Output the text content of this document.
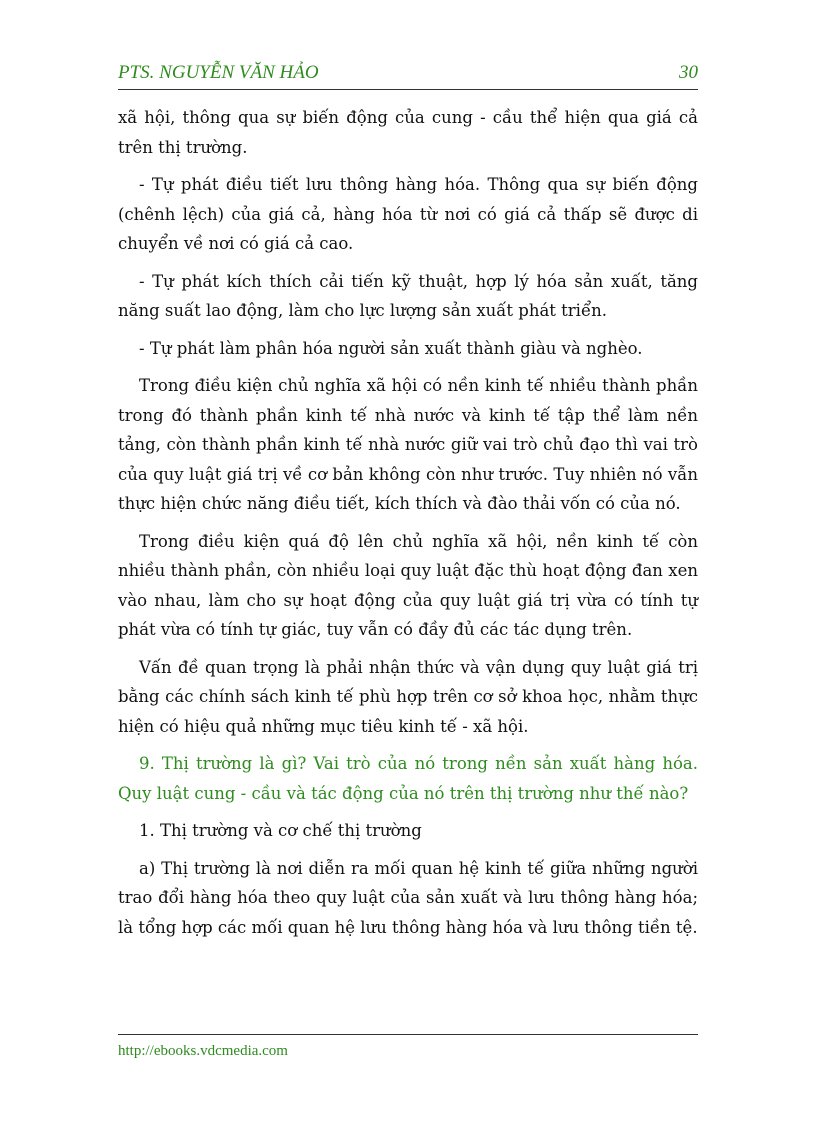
PTS. NGUYỄN VĂN HẢO	30

xã hội, thông qua sự biến động của cung - cầu thể hiện qua giá cả trên thị trường.

- Tự phát điều tiết lưu thông hàng hóa. Thông qua sự biến động (chênh lệch) của giá cả, hàng hóa từ nơi có giá cả thấp sẽ được di chuyển về nơi có giá cả cao.

- Tự phát kích thích cải tiến kỹ thuật, hợp lý hóa sản xuất, tăng năng suất lao động, làm cho lực lượng sản xuất phát triển.

- Tự phát làm phân hóa người sản xuất thành giàu và nghèo.

Trong điều kiện chủ nghĩa xã hội có nền kinh tế nhiều thành phần trong đó thành phần kinh tế nhà nước và kinh tế tập thể làm nền tảng, còn thành phần kinh tế nhà nước giữ vai trò chủ đạo thì vai trò của quy luật giá trị về cơ bản không còn như trước. Tuy nhiên nó vẫn thực hiện chức năng điều tiết, kích thích và đào thải vốn có của nó.

Trong điều kiện quá độ lên chủ nghĩa xã hội, nền kinh tế còn nhiều thành phần, còn nhiều loại quy luật đặc thù hoạt động đan xen vào nhau, làm cho sự hoạt động của quy luật giá trị vừa có tính tự phát vừa có tính tự giác, tuy vẫn có đầy đủ các tác dụng trên.

Vấn đề quan trọng là phải nhận thức và vận dụng quy luật giá trị bằng các chính sách kinh tế phù hợp trên cơ sở khoa học, nhằm thực hiện có hiệu quả những mục tiêu kinh tế - xã hội.

9. Thị trường là gì? Vai trò của nó trong nền sản xuất hàng hóa. Quy luật cung - cầu và tác động của nó trên thị trường như thế nào?

1. Thị trường và cơ chế thị trường

a) Thị trường là nơi diễn ra mối quan hệ kinh tế giữa những người trao đổi hàng hóa theo quy luật của sản xuất và lưu thông hàng hóa; là tổng hợp các mối quan hệ lưu thông hàng hóa và lưu thông tiền tệ.

http://ebooks.vdcmedia.com
